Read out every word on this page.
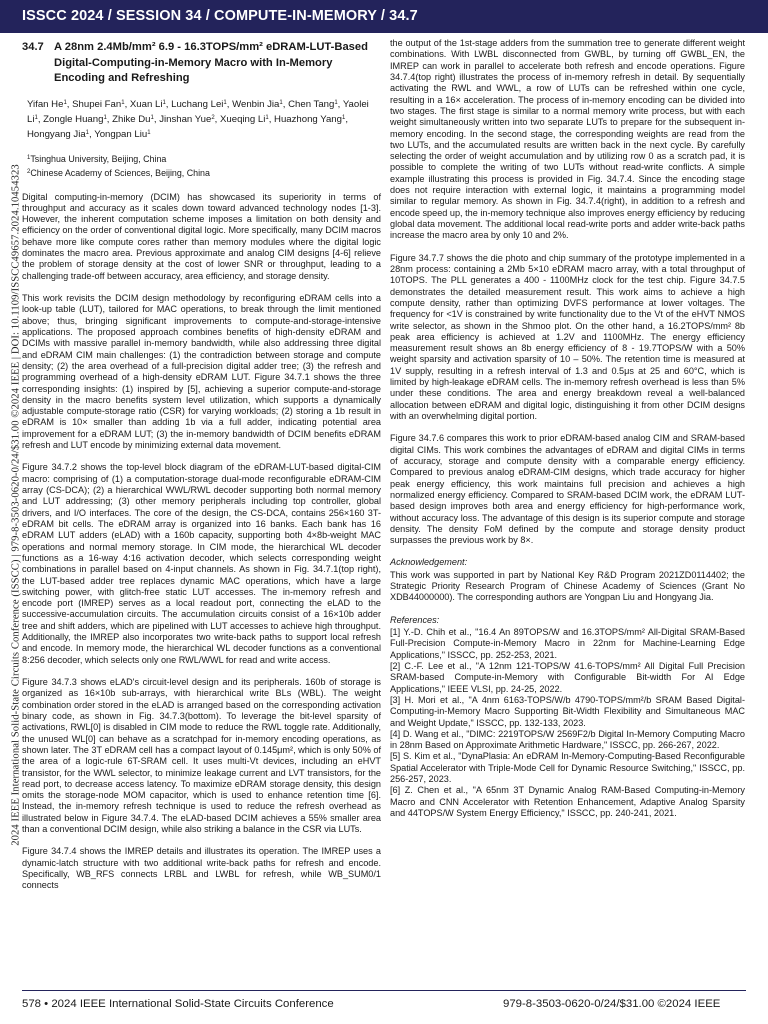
ISSCC 2024 / SESSION 34 / COMPUTE-IN-MEMORY / 34.7
2024 IEEE International Solid-State Circuits Conference (ISSCC) | 979-8-3503-0620-0/24/$31.00 ©2024 IEEE | DOI: 10.1109/ISSCC49657.2024.10454323
34.7 A 28nm 2.4Mb/mm² 6.9 - 16.3TOPS/mm² eDRAM-LUT-Based Digital-Computing-in-Memory Macro with In-Memory Encoding and Refreshing
Yifan He$^1$, Shupei Fan$^1$, Xuan Li$^1$, Luchang Lei$^1$, Wenbin Jia$^1$, Chen Tang$^1$, Yaolei Li$^1$, Zongle Huang$^1$, Zhike Du$^1$, Jinshan Yue$^2$, Xueqing Li$^1$, Huazhong Yang$^1$, Hongyang Jia$^1$, Yongpan Liu$^1$
$^1$Tsinghua University, Beijing, China
$^2$Chinese Academy of Sciences, Beijing, China

Digital computing-in-memory (DCIM) has showcased its superiority in terms of throughput and accuracy as it scales down toward advanced technology nodes [1-3]. However, the inherent computation scheme imposes a limitation on both density and efficiency on the order of conventional digital logic. More specifically, many DCIM macros behave more like compute cores rather than memory modules where the digital logic dominates the macro area. Previous approximate and analog CIM designs [4-6] relieve the problem of storage density at the cost of lower SNR or throughput, leading to a challenging trade-off between accuracy, area efficiency, and storage density.

This work revisits the DCIM design methodology by reconfiguring eDRAM cells into a look-up table (LUT), tailored for MAC operations, to break through the limit mentioned above; thus, bringing significant improvements to compute-and-storage-intensive applications. The proposed approach combines benefits of high-density eDRAM and DCIMs with massive parallel in-memory bandwidth, while also addressing three digital and eDRAM CIM main challenges: (1) the contradiction between storage and compute density; (2) the area overhead of a full-precision digital adder tree; (3) the refresh and programming overhead of a high-density eDRAM LUT. Figure 34.7.1 shows the three corresponding insights: (1) inspired by [5], achieving a superior compute-and-storage density in the macro benefits system level utilization, which supports a dynamically adjustable compute-storage ratio (CSR) for varying workloads; (2) storing a 1b result in eDRAM is 10× smaller than adding 1b via a full adder, indicating potential area improvement for a eDRAM LUT; (3) the in-memory bandwidth of DCIM benefits eDRAM refresh and LUT encode by minimizing external data movement.

Figure 34.7.2 shows the top-level block diagram of the eDRAM-LUT-based digital-CIM macro: comprising of (1) a computation-storage dual-mode reconfigurable eDRAM-CIM array (CS-DCA); (2) a hierarchical WWL/RWL decoder supporting both normal memory and LUT addressing; (3) other memory peripherals including top controller, global drivers, and I/O interfaces. The core of the design, the CS-DCA, contains 256×160 3T-eDRAM bit cells. The eDRAM array is organized into 16 banks. Each bank has 16 eDRAM LUT adders (eLAD) with a 160b capacity, supporting both 4×8b-weight MAC operations and normal memory storage. In CIM mode, the hierarchical WL decoder functions as a 16-way 4:16 activation decoder, which selects corresponding weight combinations in parallel based on 4-input channels. As shown in Fig. 34.7.1(top right), the LUT-based adder tree replaces dynamic MAC operations, which have a large switching power, with glitch-free static LUT accesses. The in-memory refresh and encode port (IMREP) serves as a local readout port, connecting the eLAD to the successive-accumulation circuits. The accumulation circuits consist of a 16×10b adder tree and shift adders, which are pipelined with LUT accesses to achieve high throughput. Additionally, the IMREP also incorporates two write-back paths to support local refresh and encode. In memory mode, the hierarchical WL decoder functions as a conventional 8:256 decoder, which selects only one RWL/WWL for read and write access.

Figure 34.7.3 shows eLAD's circuit-level design and its peripherals. 160b of storage is organized as 16×10b sub-arrays, with hierarchical write BLs (WBL). The weight combination order stored in the eLAD is arranged based on the corresponding activation binary code, as shown in Fig. 34.7.3(bottom). To leverage the bit-level sparsity of activations, RWL[0] is disabled in CIM mode to reduce the RWL toggle rate. Additionally, the unused WL[0] can behave as a scratchpad for in-memory encoding operations, as shown later. The 3T eDRAM cell has a compact layout of 0.145μm², which is only 50% of the area of a logic-rule 6T-SRAM cell. It uses multi-Vt devices, including an eHVT transistor, for the WWL selector, to minimize leakage current and LVT transistors, for the read port, to decrease access latency. To maximize eDRAM storage density, this design omits the storage-node MOM capacitor, which is used to enhance retention time [6]. Instead, the in-memory refresh technique is used to reduce the refresh overhead as illustrated below in Figure 34.7.4. The eLAD-based DCIM achieves a 55% smaller area than a conventional DCIM design, while also striking a balance in the CSR via LUTs.

Figure 34.7.4 shows the IMREP details and illustrates its operation. The IMREP uses a dynamic-latch structure with two additional write-back paths for refresh and encode. Specifically, WB_RFS connects LRBL and LWBL for refresh, while WB_SUM0/1 connects

the output of the 1st-stage adders from the summation tree to generate different weight combinations. With LWBL disconnected from GWBL, by turning off GWBL_EN, the IMREP can work in parallel to accelerate both refresh and encode operations. Figure 34.7.4(top right) illustrates the process of in-memory refresh in detail. By sequentially activating the RWL and WWL, a row of LUTs can be refreshed within one cycle, resulting in a 16× acceleration. The process of in-memory encoding can be divided into two stages. The first stage is similar to a normal memory write process, but with each weight simultaneously written into two separate LUTs to prepare for the subsequent in-memory encoding. In the second stage, the corresponding weights are read from the two LUTs, and the accumulated results are written back in the next cycle. By carefully selecting the order of weight accumulation and by utilizing row 0 as a scratch pad, it is possible to complete the writing of two LUTs without read-write conflicts. A simple example illustrating this process is provided in Fig. 34.7.4. Since the encoding stage does not require interaction with external logic, it maintains a programming model similar to regular memory. As shown in Fig. 34.7.4(right), in addition to a refresh and encode speed up, the in-memory technique also improves energy efficiency by reducing global data movement. The additional local read-write ports and adder write-back paths increase the macro area by only 10 and 2%.

Figure 34.7.7 shows the die photo and chip summary of the prototype implemented in a 28nm process: containing a 2Mb 5×10 eDRAM macro array, with a total throughput of 10TOPS. The PLL generates a 400 - 1100MHz clock for the test chip. Figure 34.7.5 demonstrates the detailed measurement result. This work aims to achieve a high compute density, rather than optimizing DVFS performance at lower voltages. The frequency for <1V is constrained by write functionality due to the Vt of the eHVT NMOS write selector, as shown in the Shmoo plot. On the other hand, a 16.2TOPS/mm² 8b peak area efficiency is achieved at 1.2V and 1100MHz. The energy efficiency measurement result shows an 8b energy efficiency of 8 - 19.7TOPS/W with a 50% weight sparsity and activation sparsity of 10 – 50%. The retention time is measured at 1V supply, resulting in a refresh interval of 1.3 and 0.5μs at 25 and 60°C, which is limited by high-leakage eDRAM cells. The in-memory refresh overhead is less than 5% under these conditions. The area and energy breakdown reveal a well-balanced allocation between eDRAM and digital logic, distinguishing it from other DCIM designs with an overwhelming digital portion.

Figure 34.7.6 compares this work to prior eDRAM-based analog CIM and SRAM-based digital CIMs. This work combines the advantages of eDRAM and digital CIMs in terms of accuracy, storage and compute density with a comparable energy efficiency. Compared to previous analog eDRAM-CIM designs, which trade accuracy for higher peak energy efficiency, this work maintains full precision and achieves a high normalized energy efficiency. Compared to SRAM-based DCIM work, the eDRAM LUT-based design improves both area and energy efficiency for high-performance work, without accuracy loss. The advantage of this design is its superior compute and storage density. The density FoM defined by the compute and storage density product surpasses the previous work by 8×.

Acknowledgement:

This work was supported in part by National Key R&D Program 2021ZD0114402; the Strategic Priority Research Program of Chinese Academy of Sciences (Grant No XDB44000000). The corresponding authors are Yongpan Liu and Hongyang Jia.

References:
[1] Y.-D. Chih et al., "16.4 An 89TOPS/W and 16.3TOPS/mm² All-Digital SRAM-Based Full-Precision Compute-in-Memory Macro in 22nm for Machine-Learning Edge Applications," ISSCC, pp. 252-253, 2021.
[2] C.-F. Lee et al., "A 12nm 121-TOPS/W 41.6-TOPS/mm² All Digital Full Precision SRAM-based Compute-in-Memory with Configurable Bit-width For AI Edge Applications," IEEE VLSI, pp. 24-25, 2022.
[3] H. Mori et al., "A 4nm 6163-TOPS/W/b 4790-TOPS/mm²/b SRAM Based Digital-Computing-in-Memory Macro Supporting Bit-Width Flexibility and Simultaneous MAC and Weight Update," ISSCC, pp. 132-133, 2023.
[4] D. Wang et al., "DIMC: 2219TOPS/W 2569F2/b Digital In-Memory Computing Macro in 28nm Based on Approximate Arithmetic Hardware," ISSCC, pp. 266-267, 2022.
[5] S. Kim et al., "DynaPlasia: An eDRAM In-Memory-Computing-Based Reconfigurable Spatial Accelerator with Triple-Mode Cell for Dynamic Resource Switching," ISSCC, pp. 256-257, 2023.
[6] Z. Chen et al., "A 65nm 3T Dynamic Analog RAM-Based Computing-in-Memory Macro and CNN Accelerator with Retention Enhancement, Adaptive Analog Sparsity and 44TOPS/W System Energy Efficiency," ISSCC, pp. 240-241, 2021.
578 • 2024 IEEE International Solid-State Circuits Conference	979-8-3503-0620-0/24/$31.00 ©2024 IEEE
